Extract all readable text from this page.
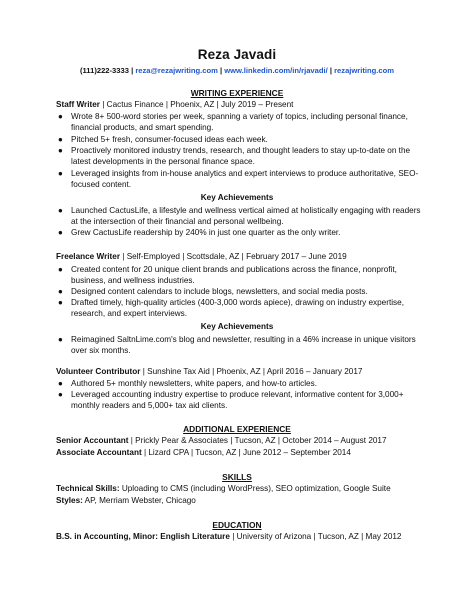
Reza Javadi
(111)222-3333 | reza@rezajwriting.com | www.linkedin.com/in/rjavadi/ | rezajwriting.com
WRITING EXPERIENCE
Staff Writer | Cactus Finance | Phoenix, AZ | July 2019 – Present
● Wrote 8+ 500-word stories per week, spanning a variety of topics, including personal finance, financial products, and smart spending.
● Pitched 5+ fresh, consumer-focused ideas each week.
● Proactively monitored industry trends, research, and thought leaders to stay up-to-date on the latest developments in the personal finance space.
● Leveraged insights from in-house analytics and expert interviews to produce authoritative, SEO-focused content.
Key Achievements
● Launched CactusLife, a lifestyle and wellness vertical aimed at holistically engaging with readers at the intersection of their financial and personal wellbeing.
● Grew CactusLife readership by 240% in just one quarter as the only writer.
Freelance Writer | Self-Employed | Scottsdale, AZ | February 2017 – June 2019
● Created content for 20 unique client brands and publications across the finance, nonprofit, business, and wellness industries.
● Designed content calendars to include blogs, newsletters, and social media posts.
● Drafted timely, high-quality articles (400-3,000 words apiece), drawing on industry expertise, research, and expert interviews.
Key Achievements
● Reimagined SaltnLime.com's blog and newsletter, resulting in a 46% increase in unique visitors over six months.
Volunteer Contributor | Sunshine Tax Aid | Phoenix, AZ | April 2016 – January 2017
● Authored 5+ monthly newsletters, white papers, and how-to articles.
● Leveraged accounting industry expertise to produce relevant, informative content for 3,000+ monthly readers and 5,000+ tax aid clients.
ADDITIONAL EXPERIENCE
Senior Accountant | Prickly Pear & Associates | Tucson, AZ | October 2014 – August 2017
Associate Accountant | Lizard CPA | Tucson, AZ | June 2012 – September 2014
SKILLS
Technical Skills: Uploading to CMS (including WordPress), SEO optimization, Google Suite
Styles: AP, Merriam Webster, Chicago
EDUCATION
B.S. in Accounting, Minor: English Literature | University of Arizona | Tucson, AZ | May 2012
